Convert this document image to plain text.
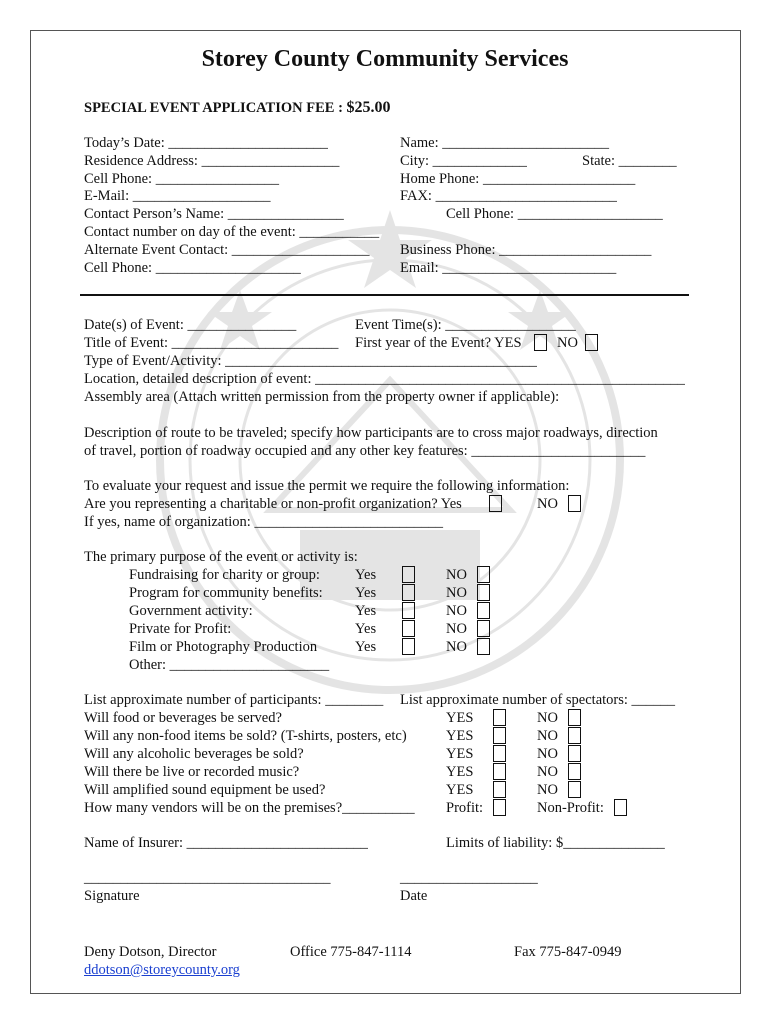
Storey County Community Services
SPECIAL EVENT APPLICATION FEE : $25.00
Today’s Date: ______________________	Name: _______________________
Residence Address: ___________________	City: _____________	State: ________
Cell Phone: _________________	Home Phone: _____________________
E-Mail: ___________________	FAX: _________________________
Contact Person’s Name: ________________	Cell Phone: ____________________
Contact number on day of the event: ___________
Alternate Event Contact: ___________________ Business Phone: _____________________
Cell Phone: ____________________	Email: ________________________
Date(s) of Event: _______________	Event Time(s): __________________
Title of Event: _______________________ First year of the Event? YES NO
Type of Event/Activity: ___________________________________________
Location, detailed description of event: ___________________________________________________
Assembly area (Attach written permission from the property owner if applicable):
Description of route to be traveled; specify how participants are to cross major roadways, direction
of travel, portion of roadway occupied and any other key features: ________________________
To evaluate your request and issue the permit we require the following information:
Are you representing a charitable or non-profit organization? Yes	NO
If yes, name of organization: __________________________
The primary purpose of the event or activity is:
Fundraising for charity or group: Yes	NO
Program for community benefits: Yes	NO
Government activity:	Yes	NO
Private for Profit:	Yes	NO
Film or Photography Production	Yes	NO
Other: ______________________
List approximate number of participants: ________ List approximate number of spectators: ______
Will food or beverages be served?	YES	NO
Will any non-food items be sold? (T-shirts, posters, etc)	YES	NO
Will any alcoholic beverages be sold?	YES	NO
Will there be live or recorded music?	YES	NO
Will amplified sound equipment be used?	YES	NO
How many vendors will be on the premises?__________ Profit:	Non-Profit:
Name of Insurer: _________________________	Limits of liability: $______________
__________________________________	___________________
Signature	Date
Deny Dotson, Director	Office 775-847-1114	Fax 775-847-0949
ddotson@storeycounty.org
